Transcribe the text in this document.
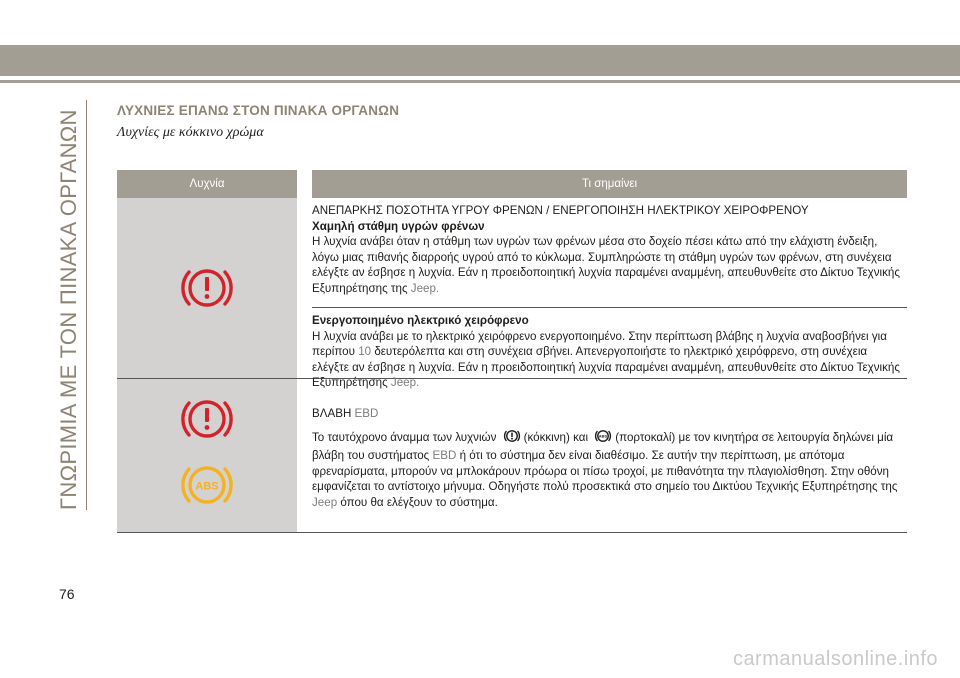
ΓΝΩΡΙΜΙΑ ΜΕ ΤΟΝ ΠΙΝΑΚΑ ΟΡΓΑΝΩΝ	ΛΥΧΝΙΕΣ ΕΠΑΝΩ ΣΤΟΝ ΠΙΝΑΚΑ ΟΡΓΑΝΩΝ
Λυχνίες με κόκκινο χρώμα
Λυχνία	Τι σημαίνει
ΑΝΕΠΑΡΚΗΣ ΠΟΣΟΤΗΤΑ ΥΓΡΟΥ ΦΡΕΝΩΝ / ΕΝΕΡΓΟΠΟΙΗΣΗ ΗΛΕΚΤΡΙΚΟΥ ΧΕΙΡΟΦΡΕΝΟΥ
Χαμηλή στάθμη υγρών φρένων
Η λυχνία ανάβει όταν η στάθμη των υγρών των φρένων μέσα στο δοχείο πέσει κάτω από την ελάχιστη ένδειξη, λόγω μιας πιθανής διαρροής υγρού από το κύκλωμα. Συμπληρώστε τη στάθμη υγρών των φρένων, στη συνέχεια ελέγξτε αν έσβησε η λυχνία. Εάν η προειδοποιητική λυχνία παραμένει αναμμένη, απευθυνθείτε στο Δίκτυο Τεχνικής Εξυπηρέτησης της Jeep.
Ενεργοποιημένο ηλεκτρικό χειρόφρενο
Η λυχνία ανάβει με το ηλεκτρικό χειρόφρενο ενεργοποιημένο. Στην περίπτωση βλάβης η λυχνία αναβοσβήνει για περίπου 10 δευτερόλεπτα και στη συνέχεια σβήνει. Απενεργοποιήστε το ηλεκτρικό χειρόφρενο, στη συνέχεια ελέγξτε αν έσβησε η λυχνία. Εάν η προειδοποιητική λυχνία παραμένει αναμμένη, απευθυνθείτε στο Δίκτυο Τεχνικής Εξυπηρέτησης Jeep.
ABS
ΒΛΑΒΗ EBD
Το ταυτόχρονο άναμμα των λυχνιών (κόκκινη) και ABS (πορτοκαλί) με τον κινητήρα σε λειτουργία δηλώνει μία βλάβη του συστήματος EBD ή ότι το σύστημα δεν είναι διαθέσιμο. Σε αυτήν την περίπτωση, με απότομα φρεναρίσματα, μπορούν να μπλοκάρουν πρόωρα οι πίσω τροχοί, με πιθανότητα την πλαγιολίσθηση. Στην οθόνη εμφανίζεται το αντίστοιχο μήνυμα. Οδηγήστε πολύ προσεκτικά στο σημείο του Δικτύου Τεχνικής Εξυπηρέτησης της Jeep όπου θα ελέγξουν το σύστημα.
76
carmanualsonline.info
